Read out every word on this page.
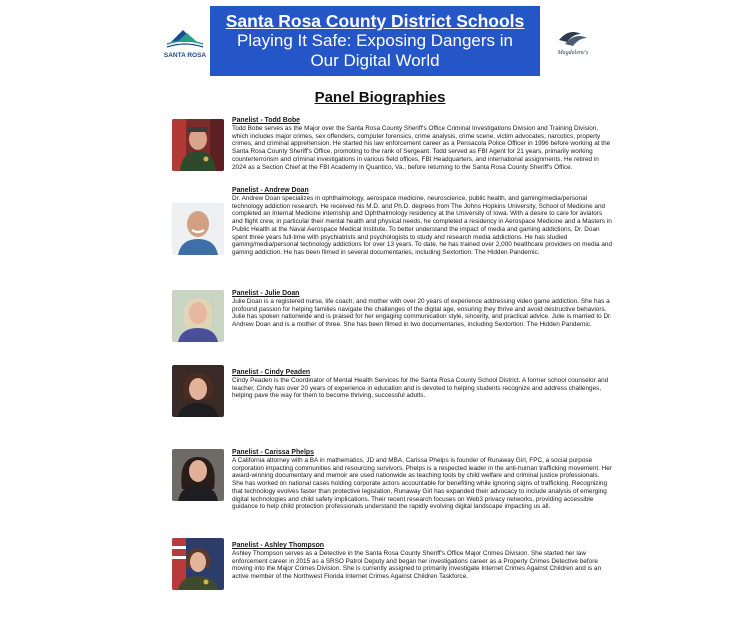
SANTA ROSA
Santa Rosa County District Schools
Playing It Safe: Exposing Dangers in
Our Digital World	Magdalene's
Panel Biographies
Panelist - Todd Bobe
Todd Bobe serves as the Major over the Santa Rosa County Sheriff's Office Criminal Investigations Division and Training Division, which includes major crimes, sex offenders, computer forensics, crime analysis, crime scene, victim advocates, narcotics, property crimes, and criminal apprehension. He started his law enforcement career as a Pensacola Police Officer in 1996 before working at the Santa Rosa County Sheriff's Office, promoting to the rank of Sergeant. Todd served as FBI Agent for 21 years, primarily working counterterrorism and criminal investigations in various field offices, FBI Headquarters, and international assignments. He retired in 2024 as a Section Chief at the FBI Academy in Quantico, Va., before returning to the Santa Rosa County Sheriff's Office.
Panelist - Andrew Doan
Dr. Andrew Doan specializes in ophthalmology, aerospace medicine, neuroscience, public health, and gaming/media/personal technology addiction research. He received his M.D. and Ph.D. degrees from The Johns Hopkins University, School of Medicine and completed an Internal Medicine internship and Ophthalmology residency at the University of Iowa. With a desire to care for aviators and flight crew, in particular their mental health and physical needs, he completed a residency in Aerospace Medicine and a Masters in Public Health at the Naval Aerospace Medical Institute. To better understand the impact of media and gaming addictions, Dr. Doan spent three years full-time with psychiatrists and psychologists to study and research media addictions. He has studied gaming/media/personal technology addictions for over 13 years. To date, he has trained over 2,000 healthcare providers on media and gaming addiction. He has been filmed in several documentaries, including Sextortion: The Hidden Pandemic.
Panelist - Julie Doan
Julie Doan is a registered nurse, life coach, and mother with over 20 years of experience addressing video game addiction. She has a profound passion for helping families navigate the challenges of the digital age, ensuring they thrive and avoid destructive behaviors. Julie has spoken nationwide and is praised for her engaging communication style, sincerity, and practical advice. Julie is married to Dr. Andrew Doan and is a mother of three. She has been filmed in two documentaries, including Sextortion: The Hidden Pandemic.
Panelist - Cindy Peaden
Cindy Peaden is the Coordinator of Mental Health Services for the Santa Rosa County School District. A former school counselor and teacher, Cindy has over 20 years of experience in education and is devoted to helping students recognize and address challenges, helping pave the way for them to become thriving, successful adults.
Panelist - Carissa Phelps
A California attorney with a BA in mathematics, JD and MBA, Carissa Phelps is founder of Runaway Girl, FPC, a social purpose corporation impacting communities and resourcing survivors. Phelps is a respected leader in the anti-human trafficking movement. Her award-winning documentary and memoir are used nationwide as teaching tools by child welfare and criminal justice professionals. She has worked on national cases holding corporate actors accountable for benefiting while ignoring signs of trafficking. Recognizing that technology evolves faster than protective legislation, Runaway Girl has expanded their advocacy to include analysis of emerging digital technologies and child safety implications. Their recent research focuses on Web3 privacy networks, providing accessible guidance to help child protection professionals understand the rapidly evolving digital landscape impacting us all.
Panelist - Ashley Thompson
Ashley Thompson serves as a Detective in the Santa Rosa County Sheriff's Office Major Crimes Division. She started her law enforcement career in 2015 as a SRSO Patrol Deputy and began her investigations career as a Property Crimes Detective before moving into the Major Crimes Division. She is currently assigned to primarily investigate Internet Crimes Against Children and is an active member of the Northwest Florida Internet Crimes Against Children Taskforce.
